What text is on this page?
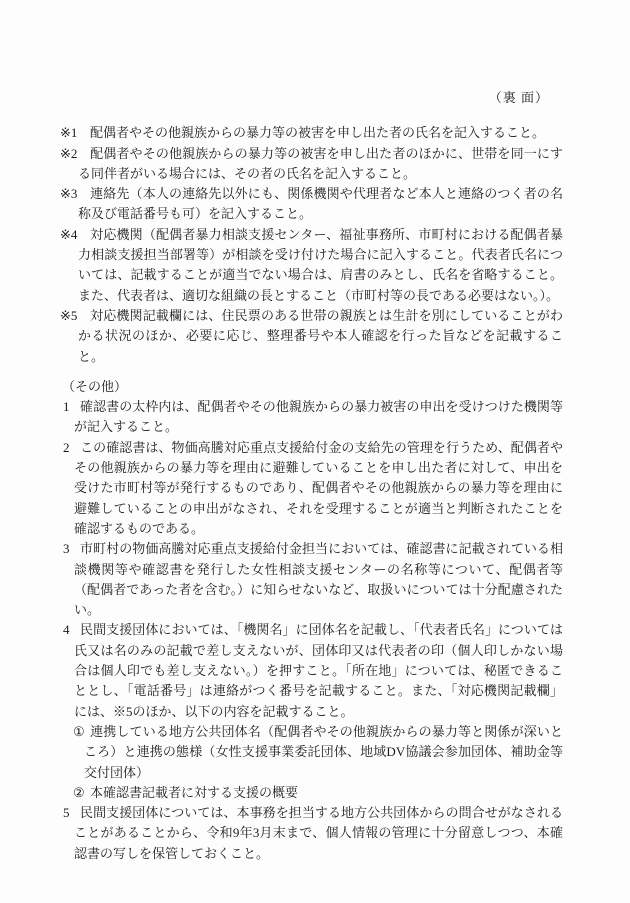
（裏 面）

※1 配偶者やその他親族からの暴力等の被害を申し出た者の氏名を記入すること。

※2 配偶者やその他親族からの暴力等の被害を申し出た者のほかに、世帯を同一にする同伴者がいる場合には、その者の氏名を記入すること。

※3 連絡先（本人の連絡先以外にも、関係機関や代理者など本人と連絡のつく者の名称及び電話番号も可）を記入すること。

※4 対応機関（配偶者暴力相談支援センター、福祉事務所、市町村における配偶者暴力相談支援担当部署等）が相談を受け付けた場合に記入すること。代表者氏名については、記載することが適当でない場合は、肩書のみとし、氏名を省略すること。また、代表者は、適切な組織の長とすること（市町村等の長である必要はない。）。

※5 対応機関記載欄には、住民票のある世帯の親族とは生計を別にしていることがわかる状況のほか、必要に応じ、整理番号や本人確認を行った旨などを記載すること。

（その他）

1 確認書の太枠内は、配偶者やその他親族からの暴力被害の申出を受けつけた機関等が記入すること。

2 この確認書は、物価高騰対応重点支援給付金の支給先の管理を行うため、配偶者やその他親族からの暴力等を理由に避難していることを申し出た者に対して、申出を受けた市町村等が発行するものであり、配偶者やその他親族からの暴力等を理由に避難していることの申出がなされ、それを受理することが適当と判断されたことを確認するものである。

3 市町村の物価高騰対応重点支援給付金担当においては、確認書に記載されている相談機関等や確認書を発行した女性相談支援センターの名称等について、配偶者等（配偶者であった者を含む。）に知らせないなど、取扱いについては十分配慮されたい。

4 民間支援団体においては、「機関名」に団体名を記載し、「代表者氏名」については氏又は名のみの記載で差し支えないが、団体印又は代表者の印（個人印しかない場合は個人印でも差し支えない。）を押すこと。「所在地」については、秘匿できることとし、「電話番号」は連絡がつく番号を記載すること。また、「対応機関記載欄」には、※5のほか、以下の内容を記載すること。

① 連携している地方公共団体名（配偶者やその他親族からの暴力等と関係が深いところ）と連携の態様（女性支援事業委託団体、地域DV協議会参加団体、補助金等交付団体）

② 本確認書記載者に対する支援の概要

5 民間支援団体については、本事務を担当する地方公共団体からの問合せがなされることがあることから、令和9年3月末まで、個人情報の管理に十分留意しつつ、本確認書の写しを保管しておくこと。
